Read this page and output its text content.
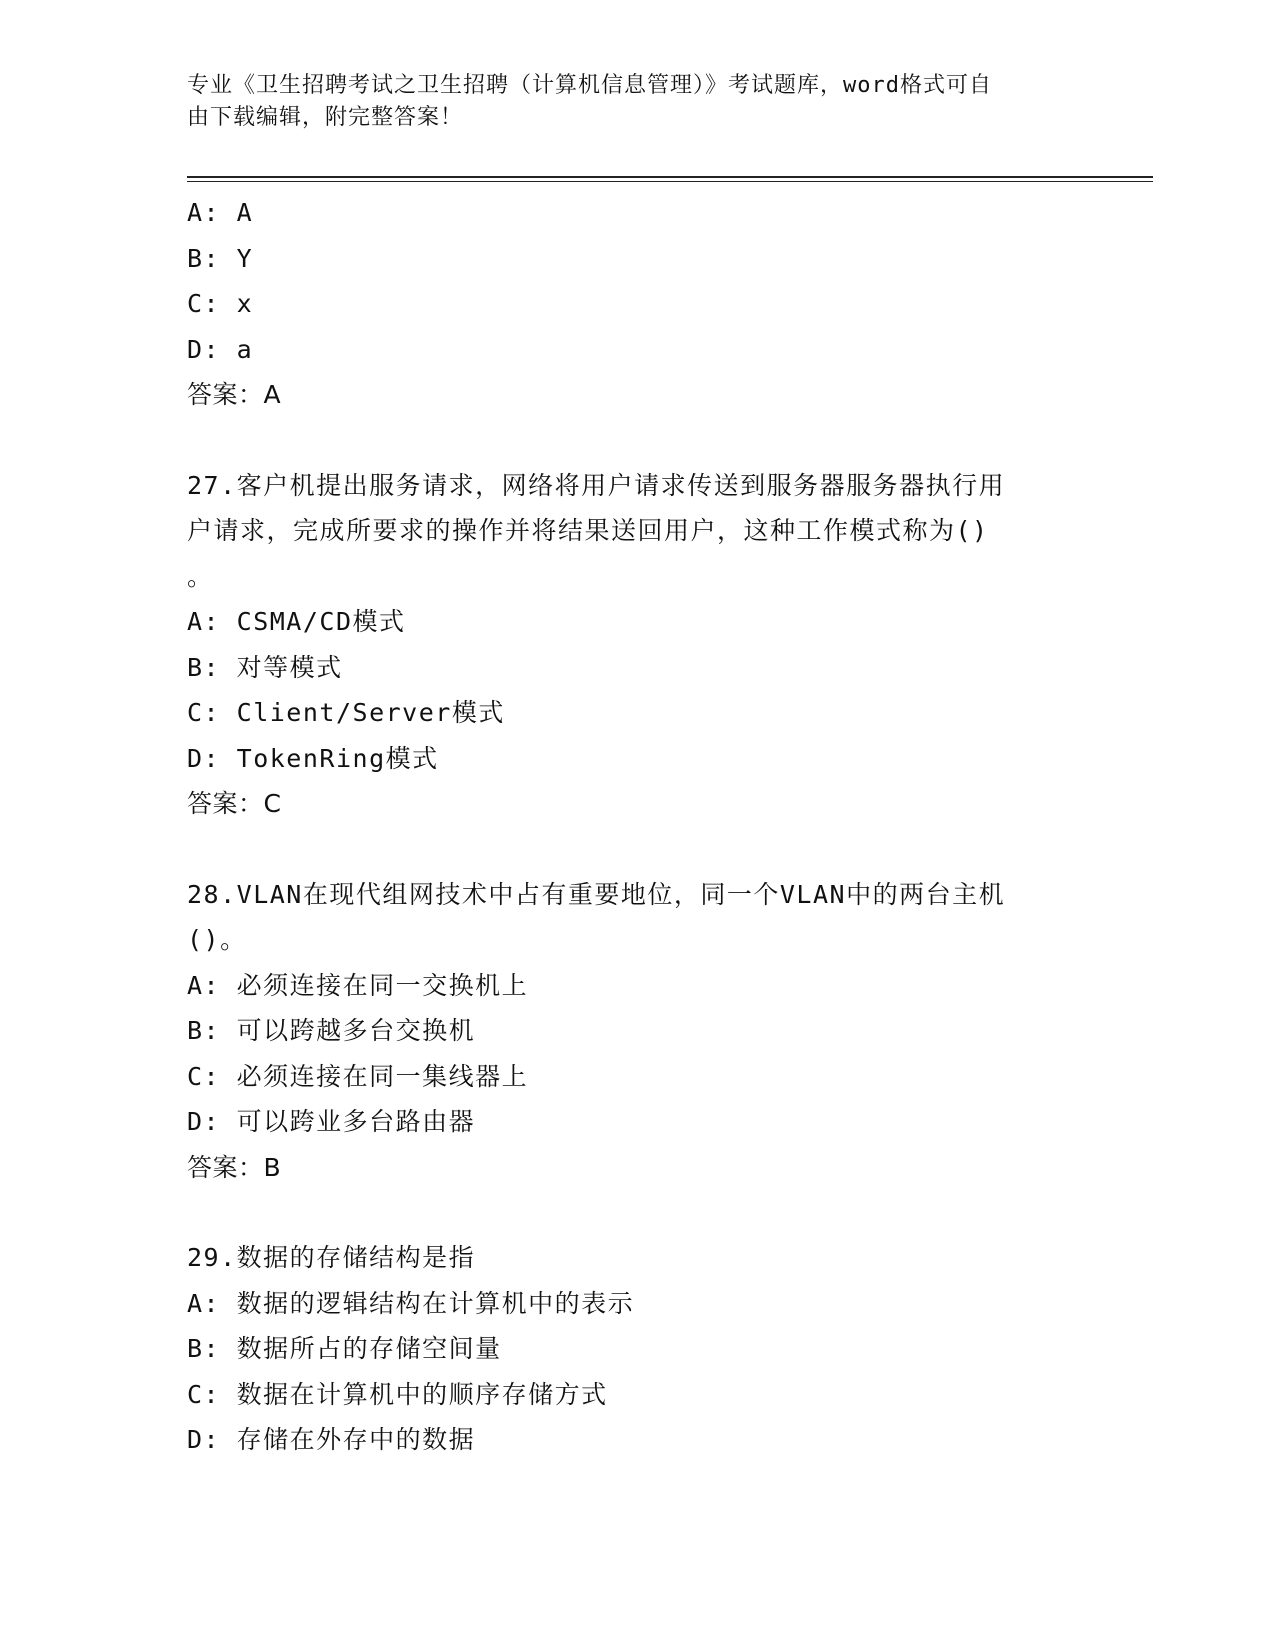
专业《卫生招聘考试之卫生招聘（计算机信息管理）》考试题库，word格式可自
由下载编辑，附完整答案！
A: A
B: Y
C: x
D: a
答案：A
27.客户机提出服务请求，网络将用户请求传送到服务器服务器执行用
户请求，完成所要求的操作并将结果送回用户，这种工作模式称为()
。
A: CSMA/CD模式
B: 对等模式
C: Client/Server模式
D: TokenRing模式
答案：C
28.VLAN在现代组网技术中占有重要地位，同一个VLAN中的两台主机
()。
A: 必须连接在同一交换机上
B: 可以跨越多台交换机
C: 必须连接在同一集线器上
D: 可以跨业多台路由器
答案：B
29.数据的存储结构是指
A: 数据的逻辑结构在计算机中的表示
B: 数据所占的存储空间量
C: 数据在计算机中的顺序存储方式
D: 存储在外存中的数据
